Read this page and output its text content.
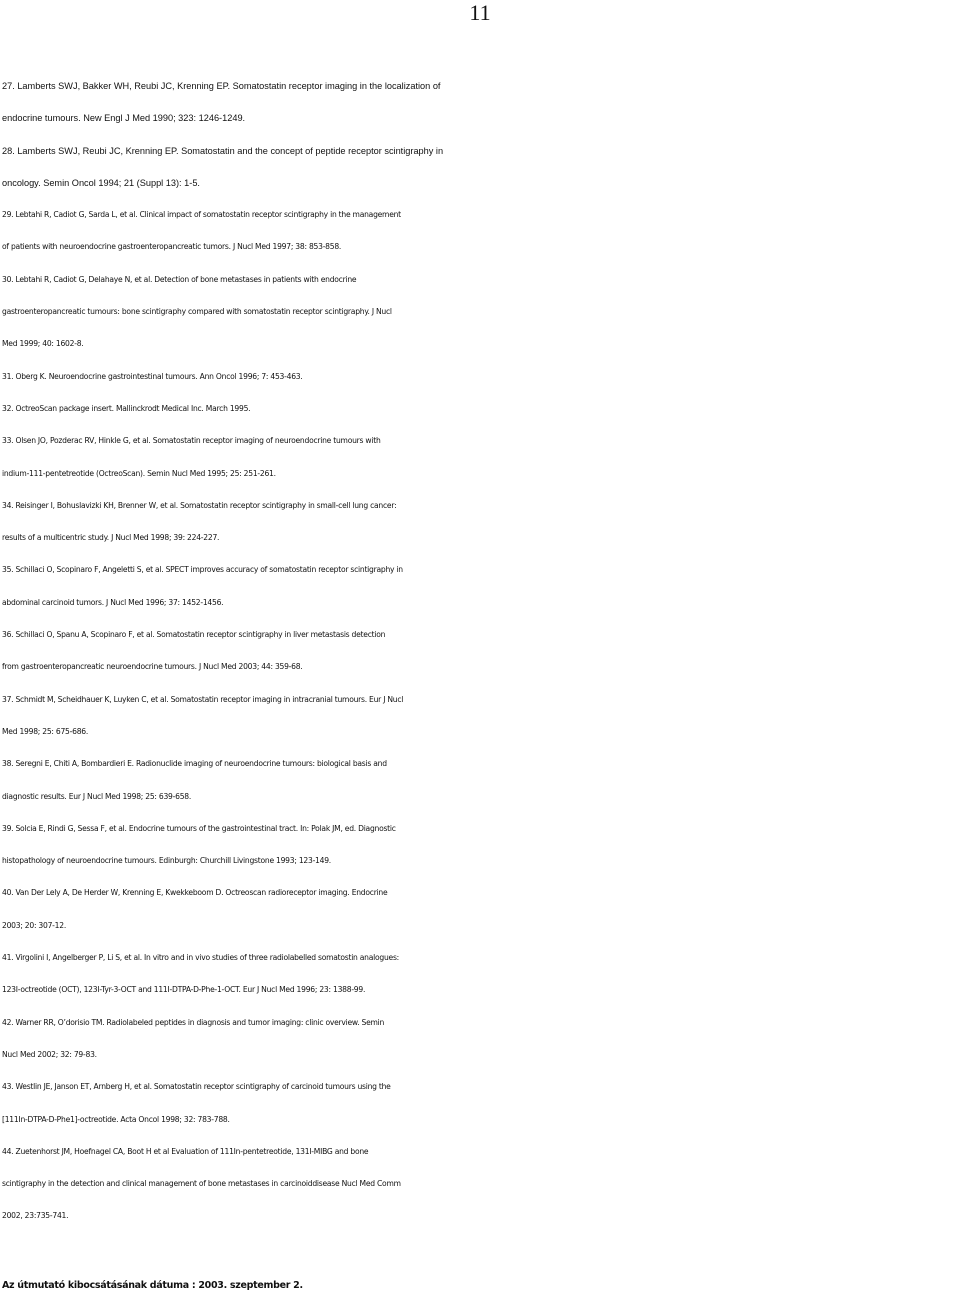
11

27. Lamberts SWJ, Bakker WH, Reubi JC, Krenning EP. Somatostatin receptor imaging in the localization of

endocrine tumours. New Engl J Med 1990; 323: 1246-1249.

28. Lamberts SWJ, Reubi JC, Krenning EP. Somatostatin and the concept of peptide receptor scintigraphy in

oncology. Semin Oncol 1994; 21 (Suppl 13): 1-5.

29. Lebtahi R, Cadiot G, Sarda L, et al. Clinical impact of somatostatin receptor scintigraphy in the management

of patients with neuroendocrine gastroenteropancreatic tumors. J Nucl Med 1997; 38: 853-858.

30. Lebtahi R, Cadiot G, Delahaye N, et al. Detection of bone metastases in patients with endocrine

gastroenteropancreatic tumours: bone scintigraphy compared with somatostatin receptor scintigraphy. J Nucl

Med 1999; 40: 1602-8.

31. Oberg K. Neuroendocrine gastrointestinal tumours. Ann Oncol 1996; 7: 453-463.

32. OctreoScan package insert. Mallinckrodt Medical Inc. March 1995.

33. Olsen JO, Pozderac RV, Hinkle G, et al. Somatostatin receptor imaging of neuroendocrine tumours with

indium-111-pentetreotide (OctreoScan). Semin Nucl Med 1995; 25: 251-261.

34. Reisinger I, Bohuslavizki KH, Brenner W, et al. Somatostatin receptor scintigraphy in small-cell lung cancer:

results of a multicentric study. J Nucl Med 1998; 39: 224-227.

35. Schillaci O, Scopinaro F, Angeletti S, et al. SPECT improves accuracy of somatostatin receptor scintigraphy in

abdominal carcinoid tumors. J Nucl Med 1996; 37: 1452-1456.

36. Schillaci O, Spanu A, Scopinaro F, et al. Somatostatin receptor scintigraphy in liver metastasis detection

from gastroenteropancreatic neuroendocrine tumours. J Nucl Med 2003; 44: 359-68.

37. Schmidt M, Scheidhauer K, Luyken C, et al. Somatostatin receptor imaging in intracranial tumours. Eur J Nucl

Med 1998; 25: 675-686.

38. Seregni E, Chiti A, Bombardieri E. Radionuclide imaging of neuroendocrine tumours: biological basis and

diagnostic results. Eur J Nucl Med 1998; 25: 639-658.

39. Solcia E, Rindi G, Sessa F, et al. Endocrine tumours of the gastrointestinal tract. In: Polak JM, ed. Diagnostic

histopathology of neuroendocrine tumours. Edinburgh: Churchill Livingstone 1993; 123-149.

40. Van Der Lely A, De Herder W, Krenning E, Kwekkeboom D. Octreoscan radioreceptor imaging. Endocrine

2003; 20: 307-12.

41. Virgolini I, Angelberger P, Li S, et al. In vitro and in vivo studies of three radiolabelled somatostin analogues:

123I-octreotide (OCT), 123I-Tyr-3-OCT and 111I-DTPA-D-Phe-1-OCT. Eur J Nucl Med 1996; 23: 1388-99.

42. Warner RR, O’dorisio TM. Radiolabeled peptides in diagnosis and tumor imaging: clinic overview. Semin

Nucl Med 2002; 32: 79-83.

43. Westlin JE, Janson ET, Arnberg H, et al. Somatostatin receptor scintigraphy of carcinoid tumours using the

[111In-DTPA-D-Phe1]-octreotide. Acta Oncol 1998; 32: 783-788.

44. Zuetenhorst JM, Hoefnagel CA, Boot H et al Evaluation of 111In-pentetreotide, 131I-MIBG and bone

scintigraphy in the detection and clinical management of bone metastases in carcinoiddisease Nucl Med Comm

2002, 23:735-741.

Az útmutató kibocsátásának dátuma : 2003. szeptember 2.
